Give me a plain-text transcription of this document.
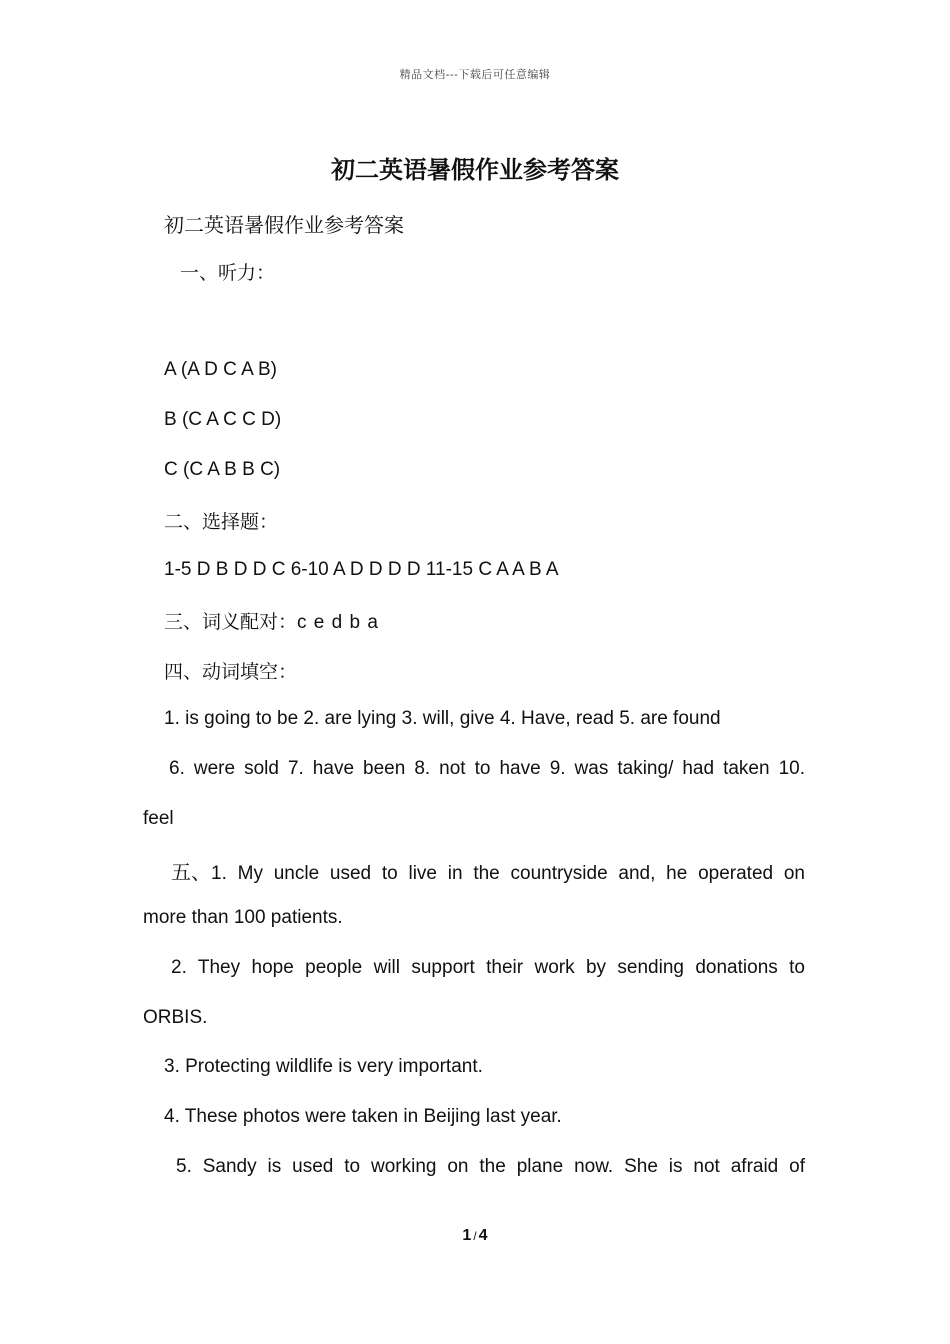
精品文档---下载后可任意编辑
初二英语暑假作业参考答案
初二英语暑假作业参考答案
一、听力：
A (A D C A B)
B (C A C C D)
C (C A B B C)
二、选择题：
1-5 D B D D C 6-10 A D D D D 11-15 C A A B A
三、词义配对：c e d b a
四、动词填空：
1. is going to be 2. are lying 3. will, give 4. Have, read 5. are found
6. were sold 7. have been 8. not to have 9. was taking/ had taken 10.
feel
五、 1. My uncle used to live in the countryside and, he operated on
more than 100 patients.
2. They hope people will support their work by sending donations to
ORBIS.
3. Protecting wildlife is very important.
4. These photos were taken in Beijing last year.
5. Sandy is used to working on the plane now. She is not afraid of
1 / 4
